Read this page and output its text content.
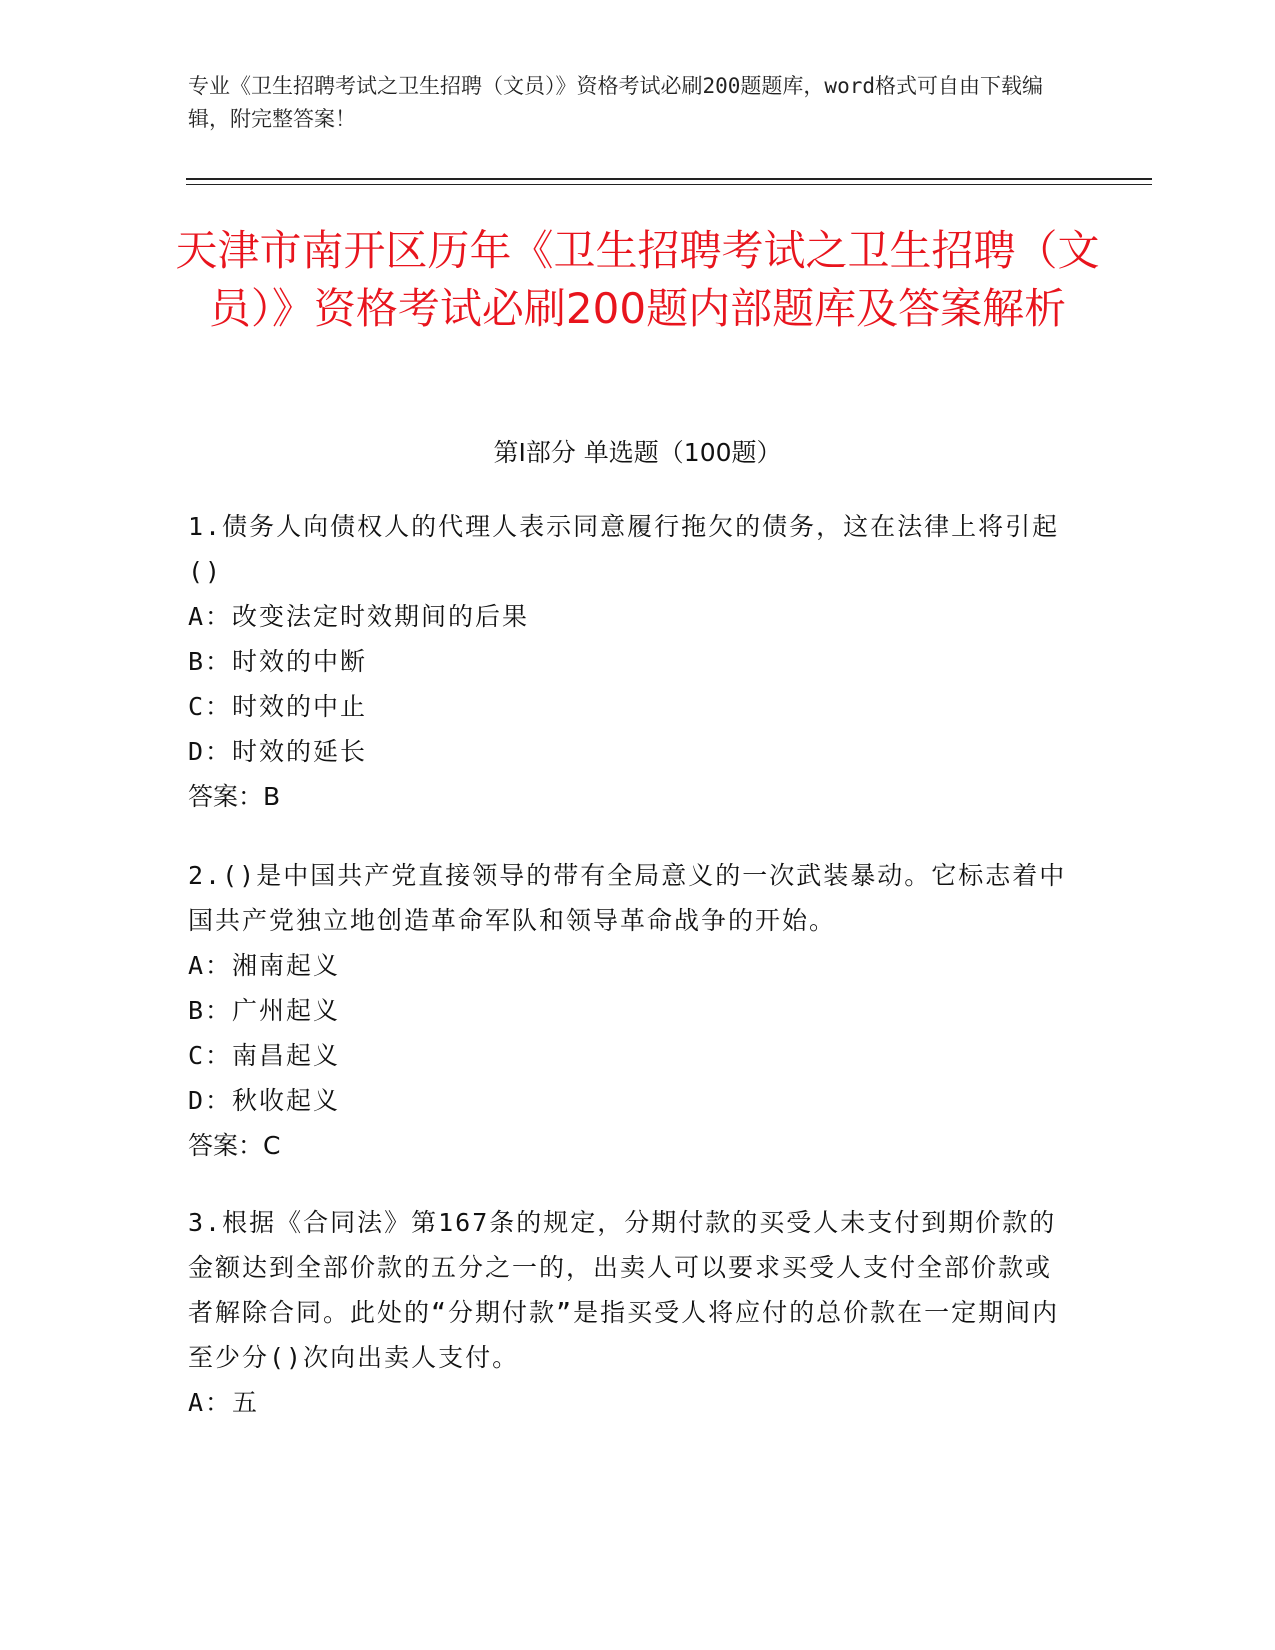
专业《卫生招聘考试之卫生招聘（文员）》资格考试必刷200题题库，word格式可自由下载编辑，附完整答案！
天津市南开区历年《卫生招聘考试之卫生招聘（文员）》资格考试必刷200题内部题库及答案解析
第Ⅰ部分 单选题（100题）

1.债务人向债权人的代理人表示同意履行拖欠的债务，这在法律上将引起()

A：改变法定时效期间的后果

B：时效的中断

C：时效的中止

D：时效的延长

答案：B

2.()是中国共产党直接领导的带有全局意义的一次武装暴动。它标志着中国共产党独立地创造革命军队和领导革命战争的开始。

A：湘南起义

B：广州起义

C：南昌起义

D：秋收起义

答案：C

3.根据《合同法》第167条的规定，分期付款的买受人未支付到期价款的金额达到全部价款的五分之一的，出卖人可以要求买受人支付全部价款或者解除合同。此处的“分期付款”是指买受人将应付的总价款在一定期间内至少分()次向出卖人支付。

A：五
